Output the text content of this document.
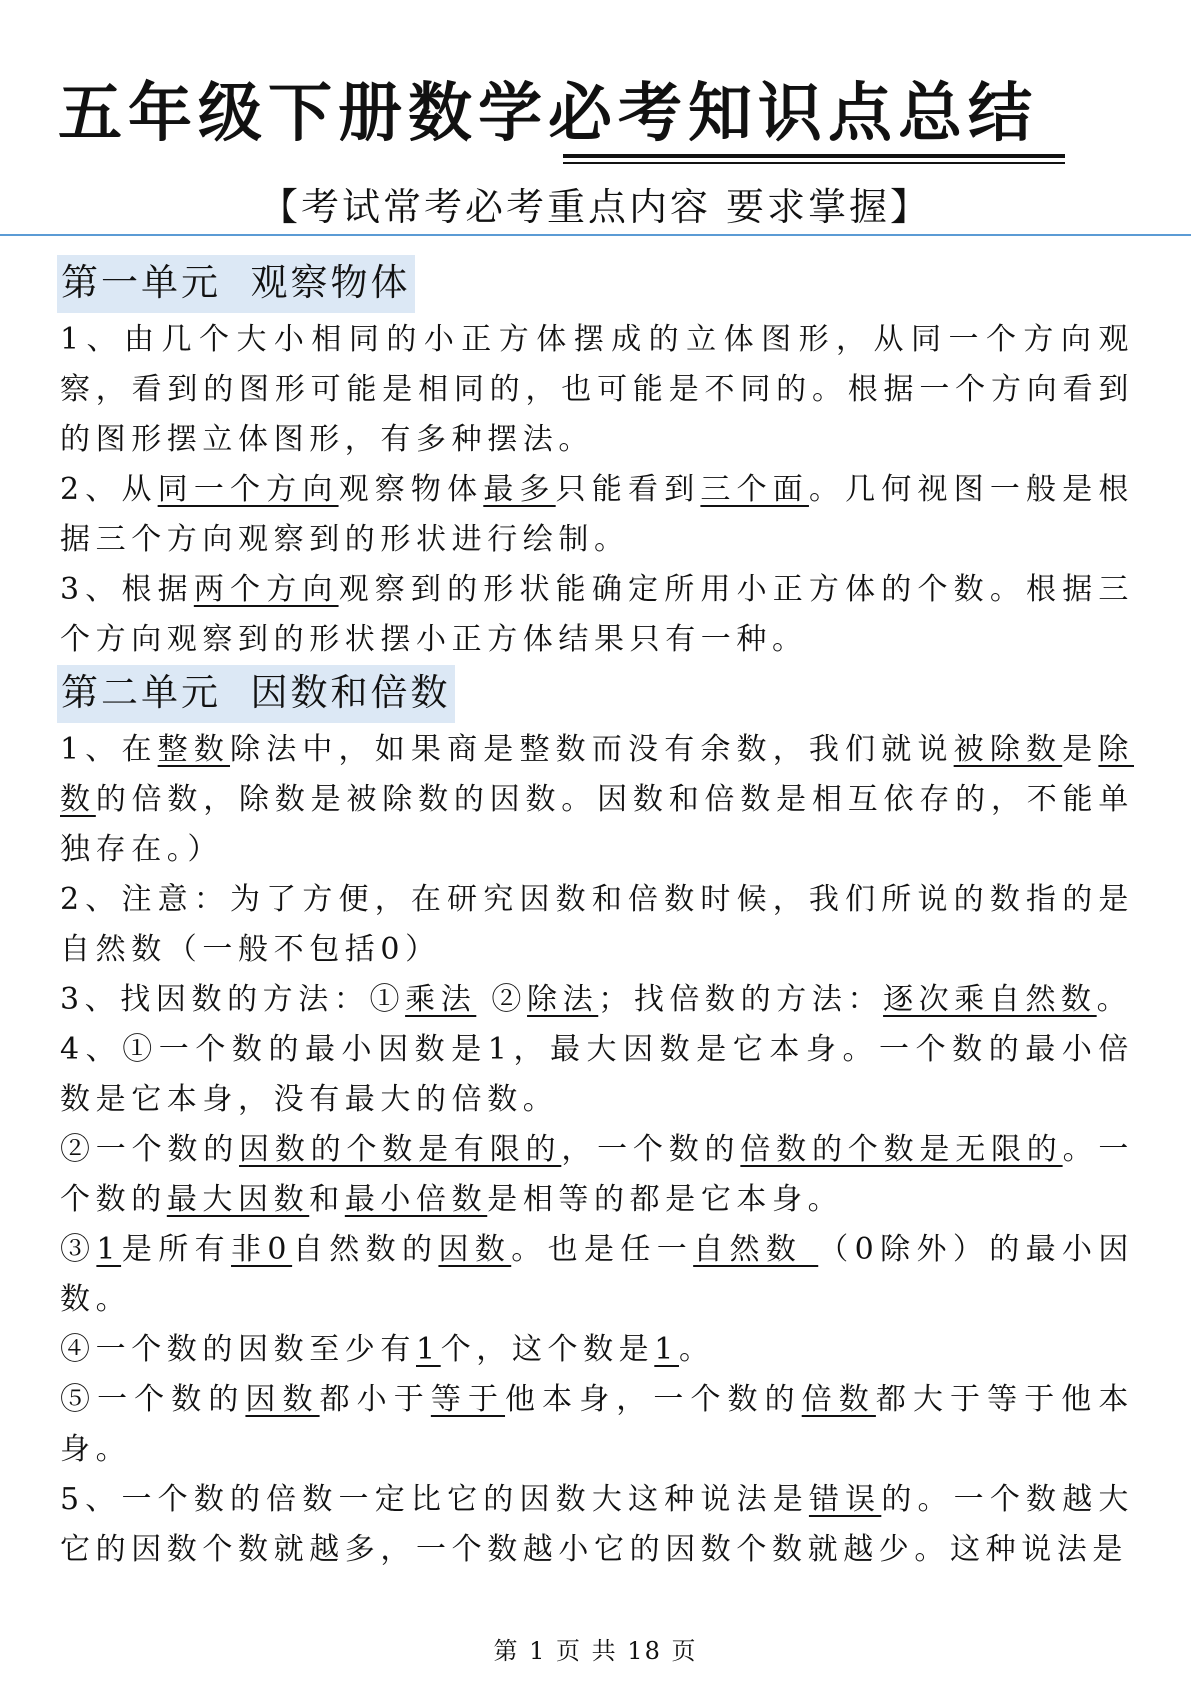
五年级下册数学必考知识点总结
【考试常考必考重点内容 要求掌握】
第一单元  观察物体

1、由几个大小相同的小正方体摆成的立体图形，从同一个方向观察，看到的图形可能是相同的，也可能是不同的。根据一个方向看到的图形摆立体图形，有多种摆法。

2、从同一个方向观察物体最多只能看到三个面。几何视图一般是根据三个方向观察到的形状进行绘制。

3、根据两个方向观察到的形状能确定所用小正方体的个数。根据三个方向观察到的形状摆小正方体结果只有一种。

第二单元  因数和倍数

1、在整数除法中，如果商是整数而没有余数，我们就说被除数是除数的倍数，除数是被除数的因数。因数和倍数是相互依存的，不能单独存在。）

2、注意：为了方便，在研究因数和倍数时候，我们所说的数指的是自然数（一般不包括0）

3、找因数的方法：①乘法 ②除法；找倍数的方法：逐次乘自然数。

4、①一个数的最小因数是1，最大因数是它本身。一个数的最小倍数是它本身，没有最大的倍数。

②一个数的因数的个数是有限的，一个数的倍数的个数是无限的。一个数的最大因数和最小倍数是相等的都是它本身。

③1是所有非0自然数的因数。也是任一自然数 （0除外）的最小因数。

④一个数的因数至少有1个，这个数是1。

⑤一个数的因数都小于等于他本身，一个数的倍数都大于等于他本身。

5、一个数的倍数一定比它的因数大这种说法是错误的。一个数越大它的因数个数就越多，一个数越小它的因数个数就越少。这种说法是

第 1 页 共 18 页
